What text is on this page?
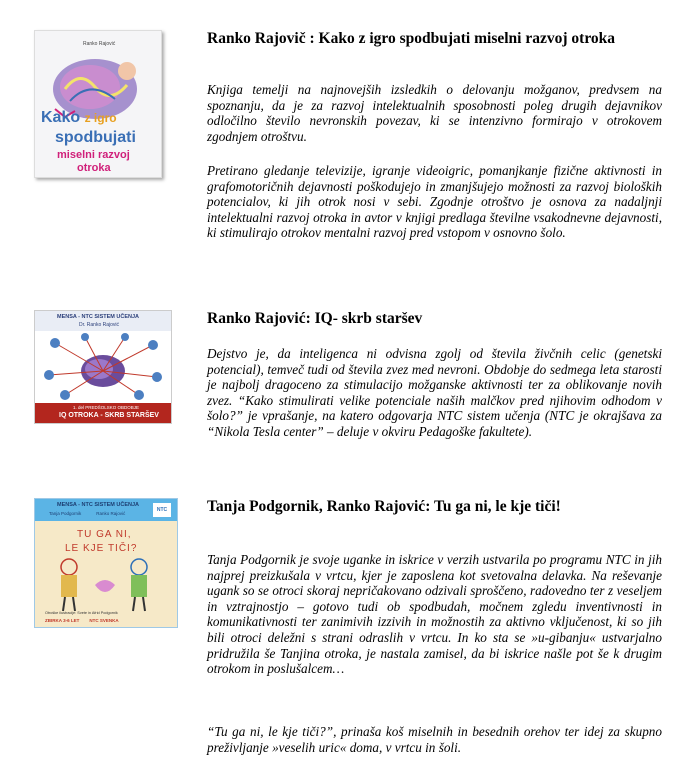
Ranko Rajović
Kako z igro
spodbujati
miselni razvoj
otroka
Ranko Rajovič : Kako z igro spodbujati miselni razvoj otroka

Knjiga temelji na najnovejših izsledkih o delovanju možganov, predvsem na spoznanju, da je za razvoj intelektualnih sposobnosti poleg drugih dejavnikov odločilno število nevronskih povezav, ki se intenzivno formirajo v otrokovem zgodnjem otroštvu.

Pretirano gledanje televizije, igranje videoigric, pomanjkanje fizične aktivnosti in grafomotoričnih dejavnosti poškodujejo in zmanjšujejo možnosti za razvoj bioloških potencialov, ki jih otrok nosi v sebi. Zgodnje otroštvo je osnova za nadaljnji intelektualni razvoj otroka in avtor v knjigi predlaga številne vsakodnevne dejavnosti, ki stimulirajo otrokov mentalni razvoj pred vstopom v osnovno šolo.

MENSA - NTC SISTEM UČENJA
Dr. Ranko Rajović
1. del PREDŠOLSKO OBDOBJE
IQ OTROKA - SKRB STARŠEV
Ranko Rajović: IQ- skrb staršev

Dejstvo je, da inteligenca ni odvisna zgolj od števila živčnih celic (genetski potencial), temveč tudi od števila zvez med nevroni. Obdobje do sedmega leta starosti je najbolj dragoceno za stimulacijo možganske aktivnosti ter za oblikovanje novih zvez. “Kako stimulirati velike potenciale naših malčkov pred njihovim odhodom v šolo?” je vprašanje, na katero odgovarja NTC sistem učenja (NTC je okrajšava za “Nikola Tesla center” – deluje v okviru Pedagoške fakultete).

MENSA - NTC SISTEM UČENJA
Tanja Podgornik            Ranko Rajović
NTC
TU GA NI,
LE KJE TIČI?
Otroške ilustracije: Svete in Afrid Podgornik
ZBIRKA 3-6 LET        NTC SVENKA
Tanja Podgornik, Ranko Rajović: Tu ga ni, le kje tiči!

Tanja Podgornik je svoje uganke in iskrice v verzih ustvarila po programu NTC in jih najprej preizkušala v vrtcu, kjer je zaposlena kot svetovalna delavka. Na reševanje ugank so se otroci skoraj nepričakovano odzivali sproščeno, radovedno ter z veseljem in vztrajnostjo – gotovo tudi ob spodbudah, močnem zgledu inventivnosti in komunikativnosti ter zanimivih izzivih in možnostih za aktivno vključenost, ki so jih bili otroci deležni s strani odraslih v vrtcu. In ko sta se »u-gibanju« ustvarjalno pridružila še Tanjina otroka, je nastala zamisel, da bi iskrice našle pot še k drugim otrokom in poslušalcem…

“Tu ga ni, le kje tiči?”, prinaša koš miselnih in besednih orehov ter idej za skupno preživljanje »veselih uric« doma, v vrtcu in šoli.
